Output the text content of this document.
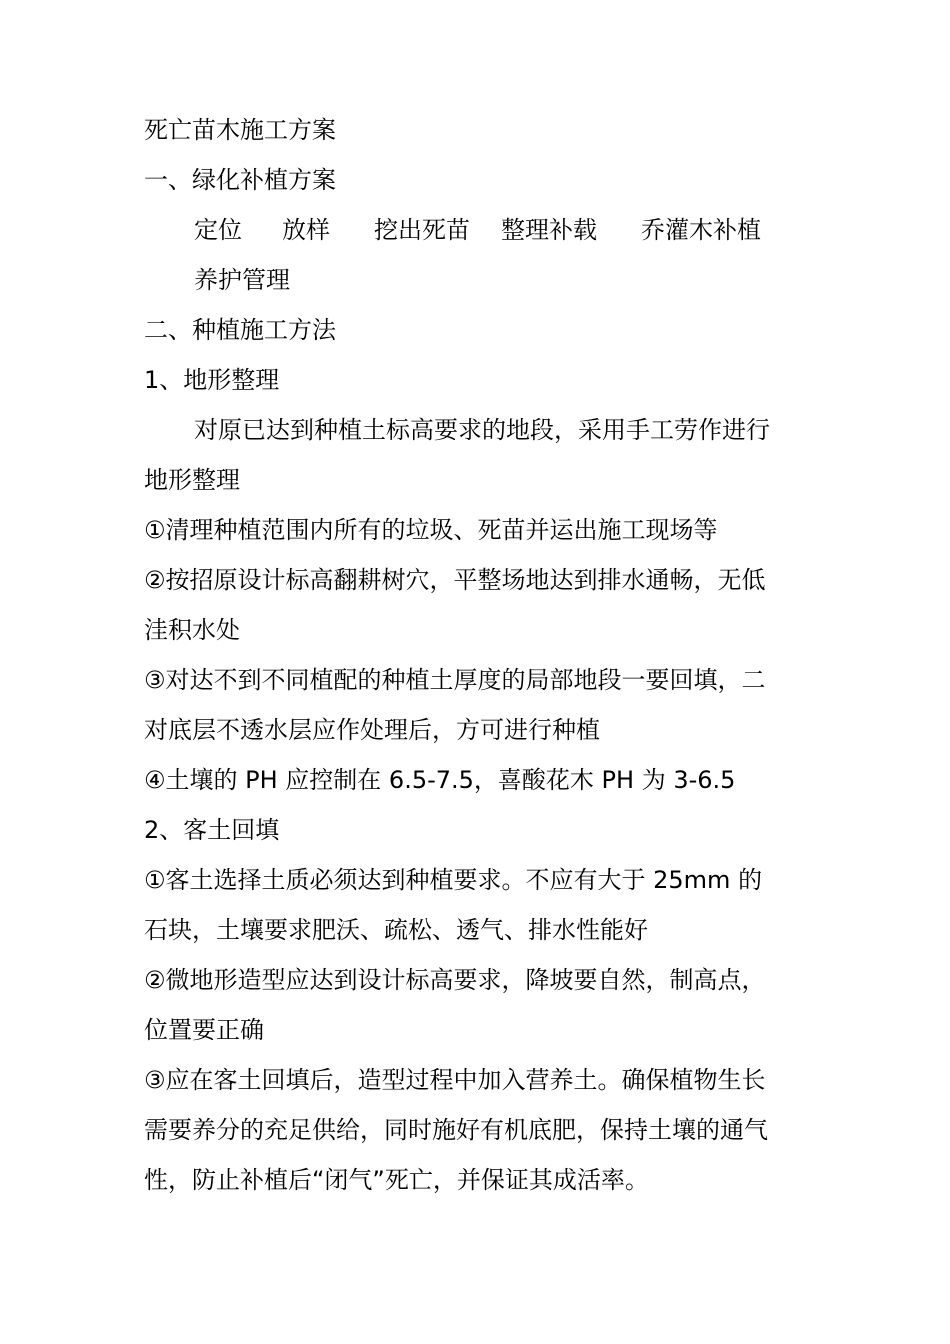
死亡苗木施工方案
一、绿化补植方案
定位 放样 挖出死苗 整理补载 乔灌木补植
养护管理
二、种植施工方法
1、地形整理
对原已达到种植土标高要求的地段，采用手工劳作进行
地形整理
①清理种植范围内所有的垃圾、死苗并运出施工现场等
②按招原设计标高翻耕树穴，平整场地达到排水通畅，无低
洼积水处
③对达不到不同植配的种植土厚度的局部地段一要回填，二
对底层不透水层应作处理后，方可进行种植
④土壤的 PH 应控制在 6.5-7.5，喜酸花木 PH 为 3-6.5
2、客土回填
①客土选择土质必须达到种植要求。不应有大于 25mm 的
石块，土壤要求肥沃、疏松、透气、排水性能好
②微地形造型应达到设计标高要求，降坡要自然，制高点，
位置要正确
③应在客土回填后，造型过程中加入营养土。确保植物生长
需要养分的充足供给，同时施好有机底肥，保持土壤的通气
性，防止补植后“闭气”死亡，并保证其成活率。
